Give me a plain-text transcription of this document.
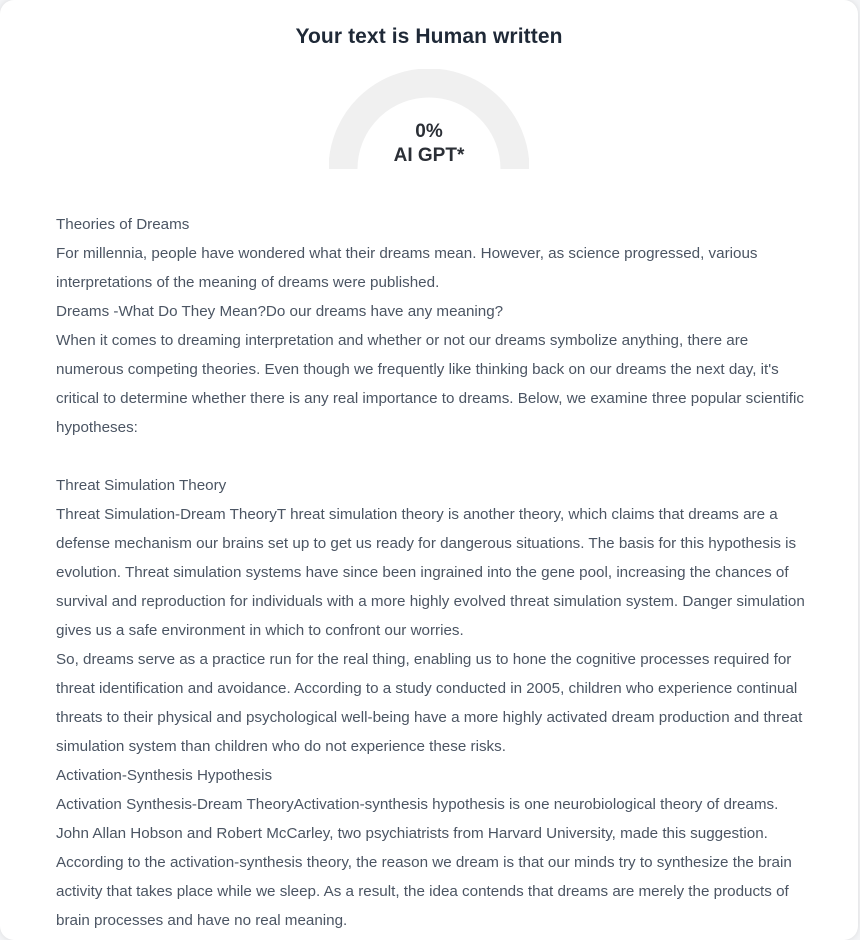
Your text is Human written
0%
AI GPT*

Theories of Dreams

For millennia, people have wondered what their dreams mean. However, as science progressed, various interpretations of the meaning of dreams were published.

Dreams -What Do They Mean?Do our dreams have any meaning?

When it comes to dreaming interpretation and whether or not our dreams symbolize anything, there are numerous competing theories. Even though we frequently like thinking back on our dreams the next day, it's critical to determine whether there is any real importance to dreams. Below, we examine three popular scientific hypotheses:

Threat Simulation Theory

Threat Simulation-Dream TheoryT hreat simulation theory is another theory, which claims that dreams are a defense mechanism our brains set up to get us ready for dangerous situations. The basis for this hypothesis is evolution. Threat simulation systems have since been ingrained into the gene pool, increasing the chances of survival and reproduction for individuals with a more highly evolved threat simulation system. Danger simulation gives us a safe environment in which to confront our worries.

So, dreams serve as a practice run for the real thing, enabling us to hone the cognitive processes required for threat identification and avoidance. According to a study conducted in 2005, children who experience continual threats to their physical and psychological well-being have a more highly activated dream production and threat simulation system than children who do not experience these risks.

Activation-Synthesis Hypothesis

Activation Synthesis-Dream TheoryActivation-synthesis hypothesis is one neurobiological theory of dreams. John Allan Hobson and Robert McCarley, two psychiatrists from Harvard University, made this suggestion. According to the activation-synthesis theory, the reason we dream is that our minds try to synthesize the brain activity that takes place while we sleep. As a result, the idea contends that dreams are merely the products of brain processes and have no real meaning.
